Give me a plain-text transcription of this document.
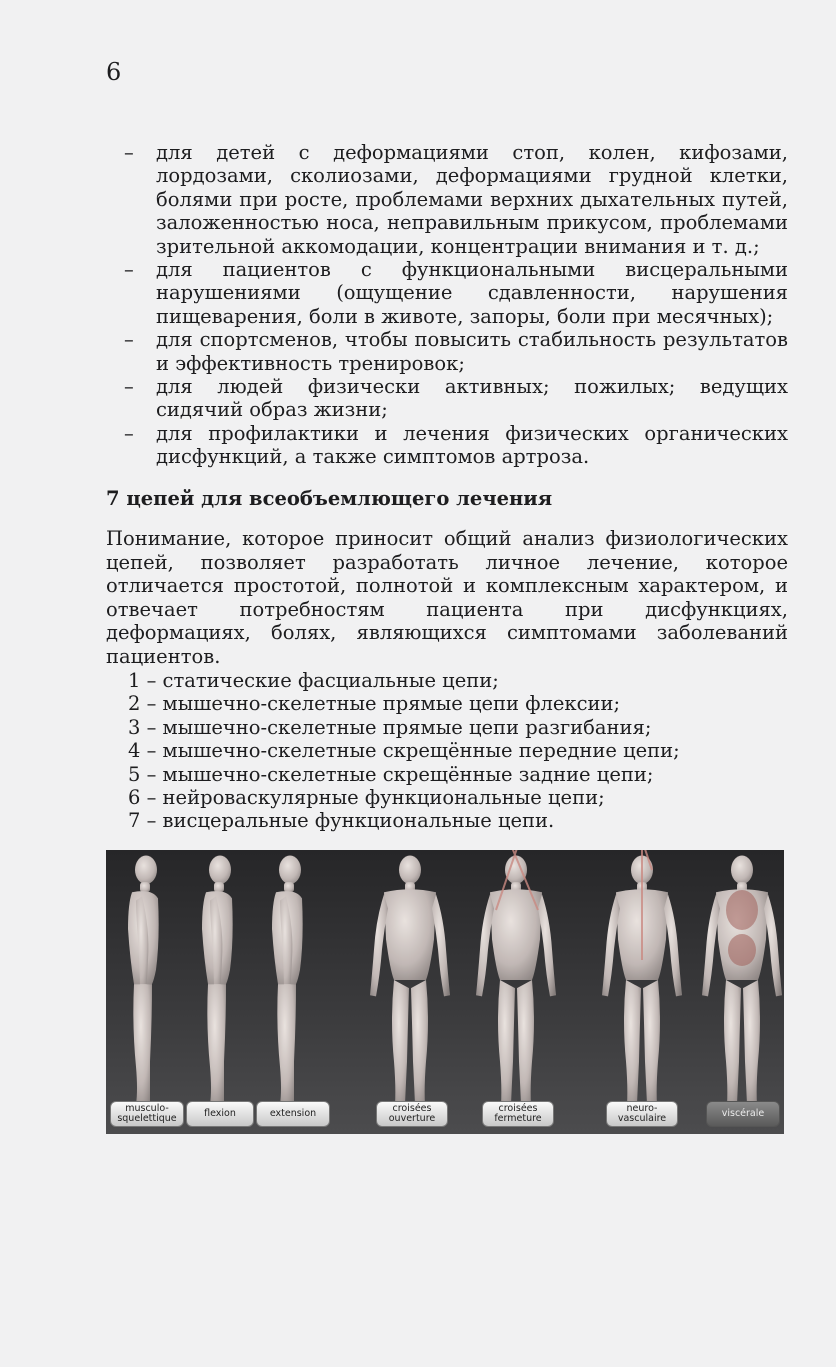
6
– для детей с деформациями стоп, колен, кифозами, лордозами, сколиозами, деформациями грудной клетки, болями при росте, проблемами верхних дыхательных путей, заложенностью носа, неправильным прикусом, проблемами зрительной аккомодации, концентрации внимания и т. д.;
– для пациентов с функциональными висцеральными нарушениями (ощущение сдавленности, нарушения пищеварения, боли в животе, запоры, боли при месячных);
– для спортсменов, чтобы повысить стабильность результатов и эффективность тренировок;
– для людей физически активных; пожилых; ведущих сидячий образ жизни;
– для профилактики и лечения физических органических дисфункций, а также симптомов артроза.
7 цепей для всеобъемлющего лечения
Понимание, которое приносит общий анализ физиологических цепей, позволяет разработать личное лечение, которое отличается простотой, полнотой и комплексным характером, и отвечает потребностям пациента при дисфункциях, деформациях, болях, являющихся симптомами заболеваний пациентов.
1 – статические фасциальные цепи;
2 – мышечно-скелетные прямые цепи флексии;
3 – мышечно-скелетные прямые цепи разгибания;
4 – мышечно-скелетные скрещённые передние цепи;
5 – мышечно-скелетные скрещённые задние цепи;
6 – нейроваскулярные функциональные цепи;
7 – висцеральные функциональные цепи.
musculo-
squelettique	flexion	extension	croisées
ouverture
croisées
fermeture
neuro-
vasculaire	viscérale
